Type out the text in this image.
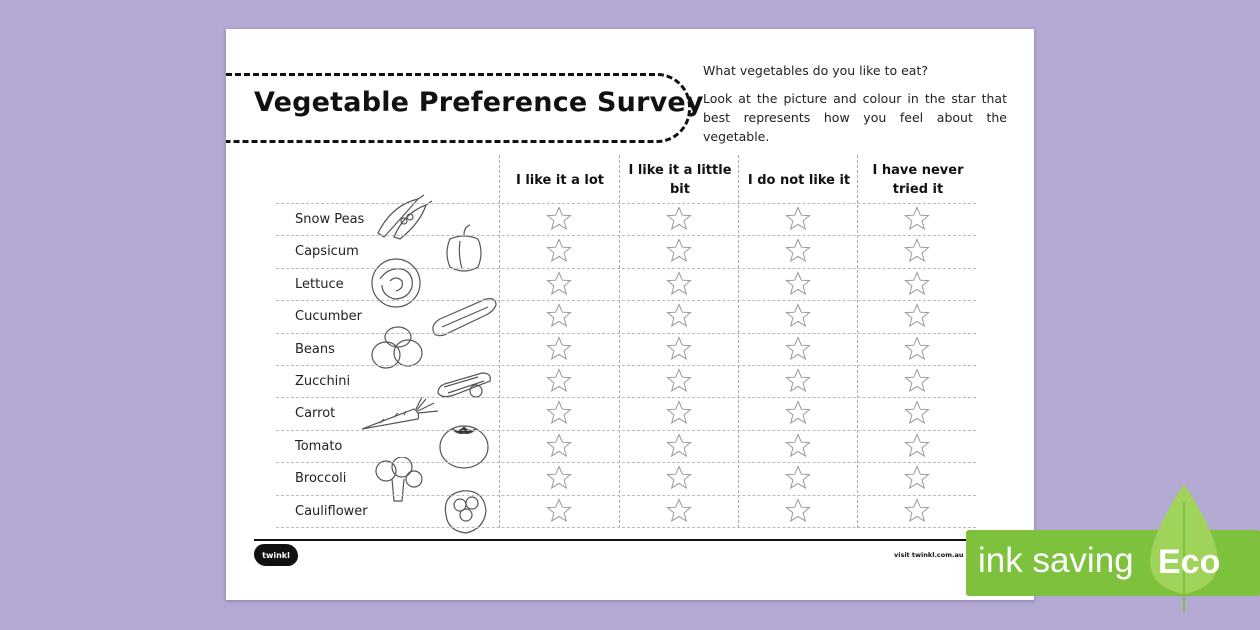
Vegetable Preference Survey
What vegetables do you like to eat?
Look at the picture and colour in the star that best represents how you feel about the vegetable.
I like it a lot
I like it a little bit
I do not like it
I have never tried it
twinkl	visit twinkl.com.au
Snow Peas
Capsicum
Lettuce
Cucumber
Beans
Zucchini
Carrot
Tomato
Broccoli
Cauliflower
ink saving Eco
